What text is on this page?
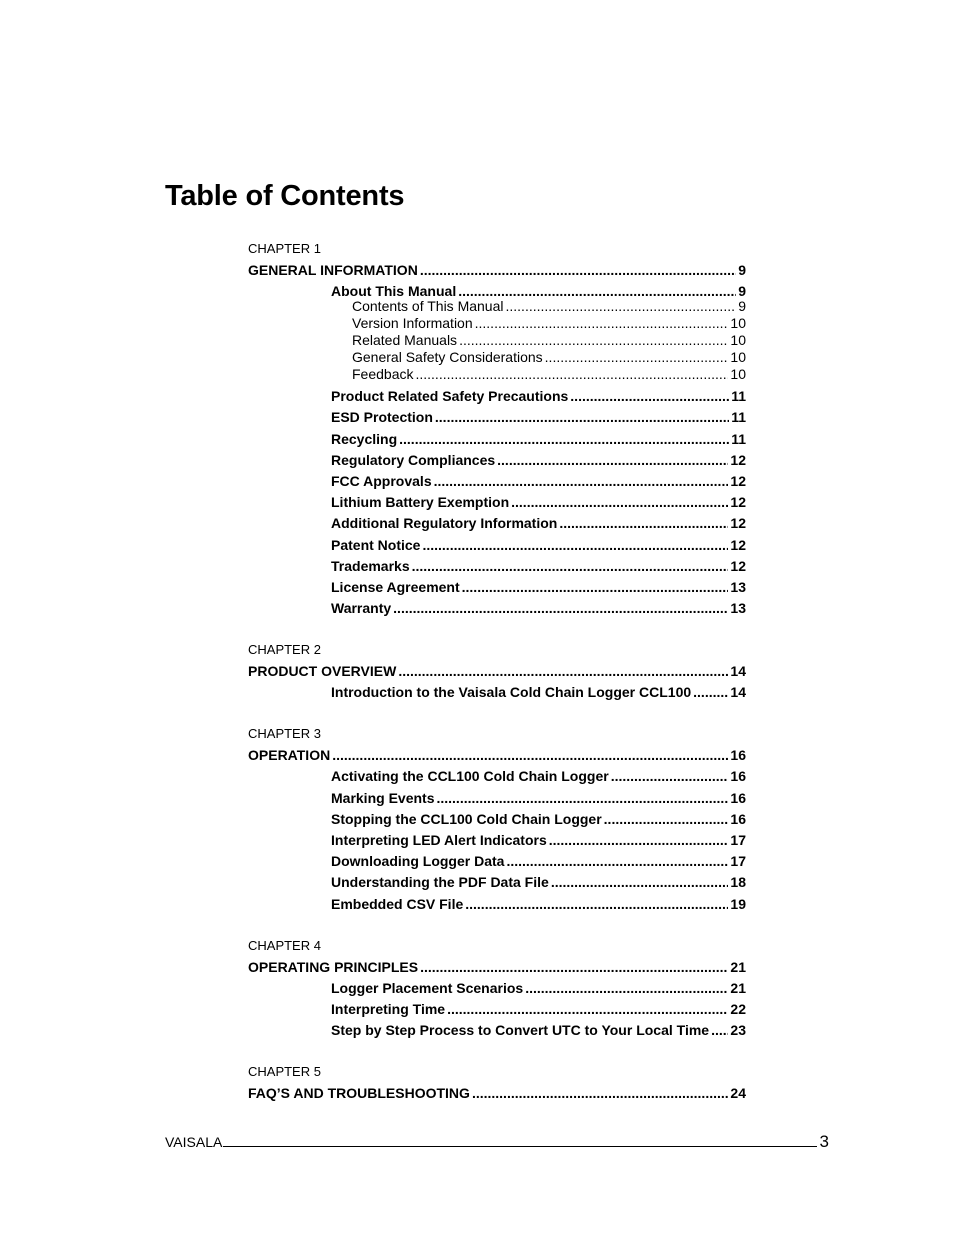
Table of Contents
CHAPTER 1
GENERAL INFORMATION .....	9
About This Manual .....	9
Contents of This Manual .....	9
Version Information .....	10
Related Manuals .....	10
General Safety Considerations .....	10
Feedback .....	10
Product Related Safety Precautions .....	11
ESD Protection .....	11
Recycling .....	11
Regulatory Compliances .....	12
FCC Approvals .....	12
Lithium Battery Exemption .....	12
Additional Regulatory Information .....	12
Patent Notice .....	12
Trademarks .....	12
License Agreement .....	13
Warranty .....	13
CHAPTER 2
PRODUCT OVERVIEW .....	14
Introduction to the Vaisala Cold Chain Logger CCL100 .....	14
CHAPTER 3
OPERATION .....	16
Activating the CCL100 Cold Chain Logger .....	16
Marking Events .....	16
Stopping the CCL100 Cold Chain Logger .....	16
Interpreting LED Alert Indicators .....	17
Downloading Logger Data .....	17
Understanding the PDF Data File .....	18
Embedded CSV File .....	19
CHAPTER 4
OPERATING PRINCIPLES .....	21
Logger Placement Scenarios .....	21
Interpreting Time .....	22
Step by Step Process to Convert UTC to Your Local Time ..... 23
CHAPTER 5
FAQ’S AND TROUBLESHOOTING .....	24
VAISALA	3
